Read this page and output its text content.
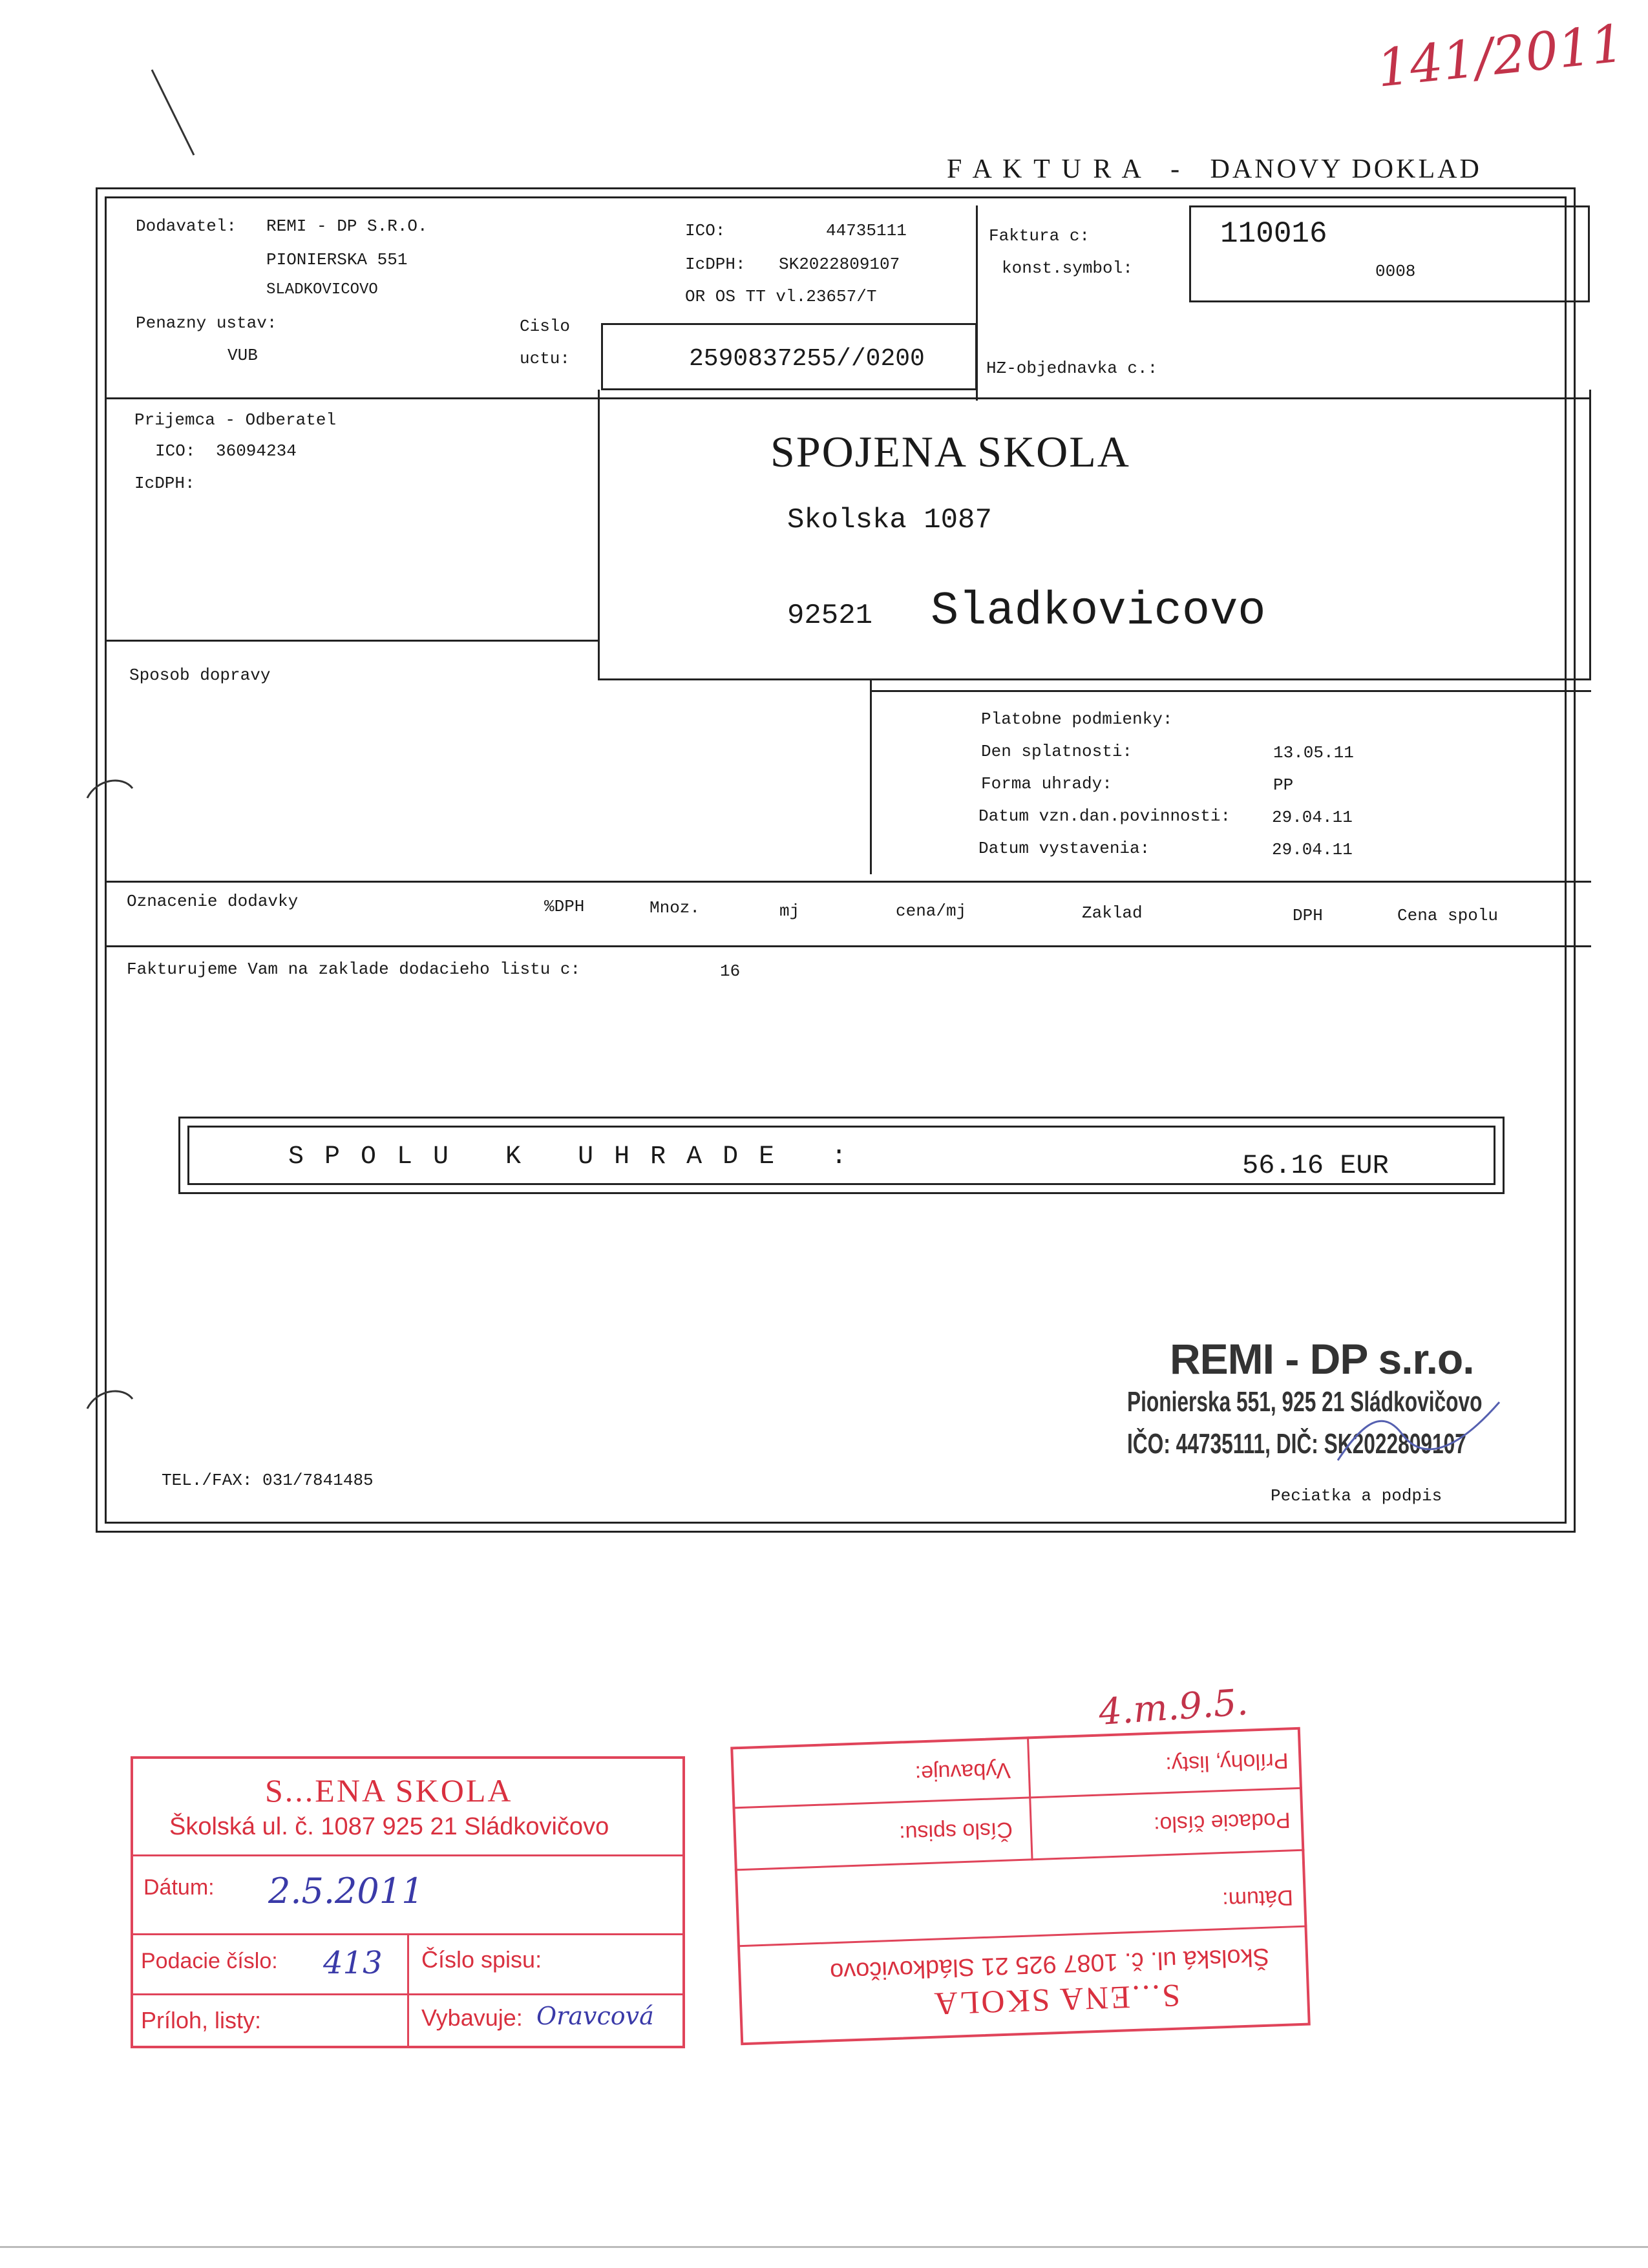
141/2011
F A K T U R A   -   DANOVY DOKLAD
Dodavatel: REMI - DP S.R.O.
PIONIERSKA 551
SLADKOVICOVO
Penazny ustav:
VUB
Cislo
uctu:	2590837255//0200
ICO:	44735111
IcDPH: SK2022809107
OR OS TT vl.23657/T
Faktura c:
konst.symbol:
110016
0008
HZ-objednavka c.:
Prijemca - Odberatel
ICO: 36094234
IcDPH:
SPOJENA SKOLA
Skolska 1087
92521 Sladkovicovo
Sposob dopravy
Platobne podmienky:
Den splatnosti:	13.05.11
Forma uhrady:	PP
Datum vzn.dan.povinnosti: 29.04.11
Datum vystavenia:	29.04.11
Oznacenie dodavky	%DPH	Mnoz.	mj	cena/mj	Zaklad	DPH	Cena spolu
Fakturujeme Vam na zaklade dodacieho listu c:	16
S P O L U   K   U H R A D E   :	56.16 EUR
REMI - DP s.r.o.
Pionierska 551, 925 21 Sládkovičovo
IČO: 44735111, DIČ: SK2022809107
TEL./FAX: 031/7841485
Peciatka a podpis
S...ENA SKOLA
Školská ul. č. 1087 925 21 Sládkovičovo
Dátum: 2.5.2011
Podacie číslo: 413 Číslo spisu:
Príloh, listy:	Vybavuje: Oravcová
4.m.9.5.
S...ENA SKOLA
Školská ul. č. 1087 925 21 Sládkovičovo
Dátum:
Podacie číslo:
Číslo spisu:
Prílohy, listy:
Vybavuje:
